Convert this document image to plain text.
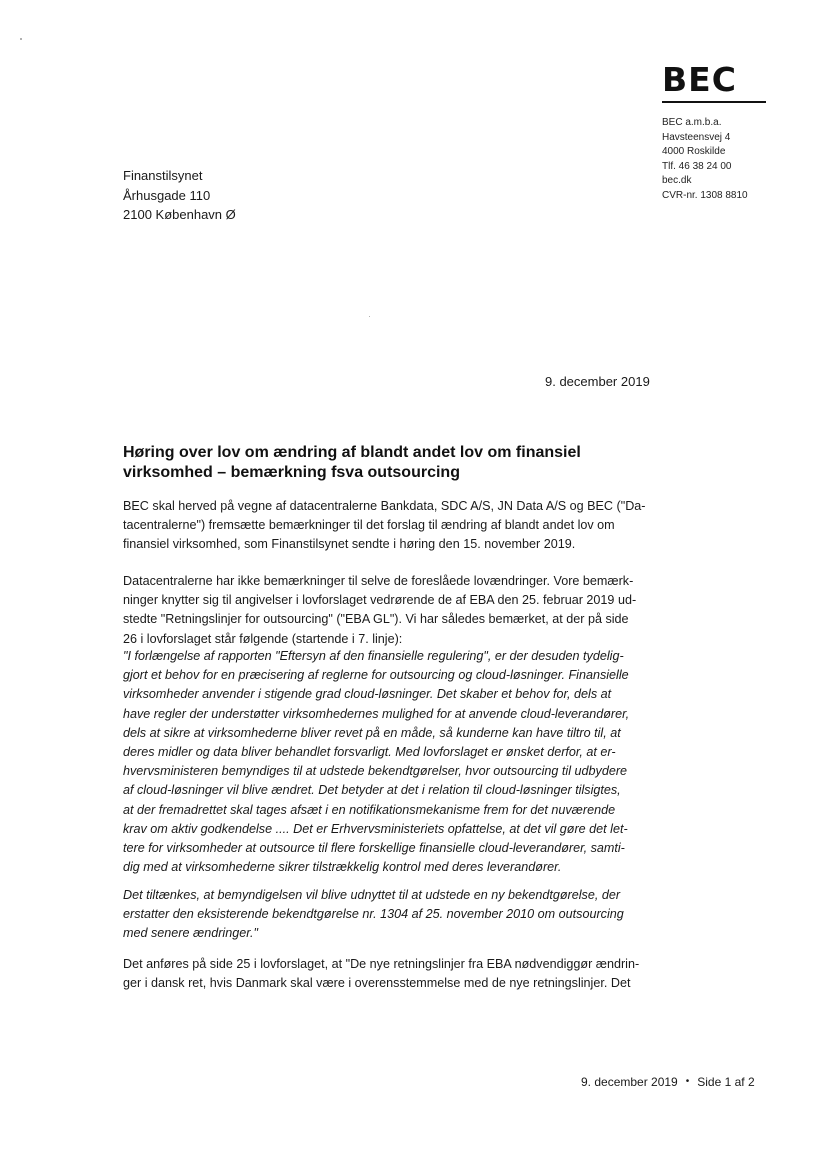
BEC
BEC a.m.b.a.
Havsteensvej 4
4000 Roskilde
Tlf. 46 38 24 00
bec.dk
CVR-nr. 1308 8810
Finanstilsynet
Århusgade 110
2100 København Ø
9. december 2019
Høring over lov om ændring af blandt andet lov om finansiel virksomhed – bemærkning fsva outsourcing
BEC skal herved på vegne af datacentralerne Bankdata, SDC A/S, JN Data A/S og BEC ("Da-
tacentralerne") fremsætte bemærkninger til det forslag til ændring af blandt andet lov om
finansiel virksomhed, som Finanstilsynet sendte i høring den 15. november 2019.
Datacentralerne har ikke bemærkninger til selve de foreslåede lovændringer. Vore bemærk-
ninger knytter sig til angivelser i lovforslaget vedrørende de af EBA den 25. februar 2019 ud-
stedte "Retningslinjer for outsourcing" ("EBA GL"). Vi har således bemærket, at der på side
26 i lovforslaget står følgende (startende i 7. linje):
"I forlængelse af rapporten "Eftersyn af den finansielle regulering", er der desuden tydelig-
gjort et behov for en præcisering af reglerne for outsourcing og cloud-løsninger. Finansielle
virksomheder anvender i stigende grad cloud-løsninger. Det skaber et behov for, dels at
have regler der understøtter virksomhedernes mulighed for at anvende cloud-leverandører,
dels at sikre at virksomhederne bliver revet på en måde, så kunderne kan have tiltro til, at
deres midler og data bliver behandlet forsvarligt. Med lovforslaget er ønsket derfor, at er-
hvervsministeren bemyndiges til at udstede bekendtgørelser, hvor outsourcing til udbydere
af cloud-løsninger vil blive ændret. Det betyder at det i relation til cloud-løsninger tilsigtes,
at der fremadrettet skal tages afsæt i en notifikationsmekanisme frem for det nuværende
krav om aktiv godkendelse .... Det er Erhvervsministeriets opfattelse, at det vil gøre det let-
tere for virksomheder at outsource til flere forskellige finansielle cloud-leverandører, samti-
dig med at virksomhederne sikrer tilstrækkelig kontrol med deres leverandører.
Det tiltænkes, at bemyndigelsen vil blive udnyttet til at udstede en ny bekendtgørelse, der
erstatter den eksisterende bekendtgørelse nr. 1304 af 25. november 2010 om outsourcing
med senere ændringer."
Det anføres på side 25 i lovforslaget, at "De nye retningslinjer fra EBA nødvendiggør ændrin-
ger i dansk ret, hvis Danmark skal være i overensstemmelse med de nye retningslinjer. Det
9. december 2019 • Side 1 af 2
